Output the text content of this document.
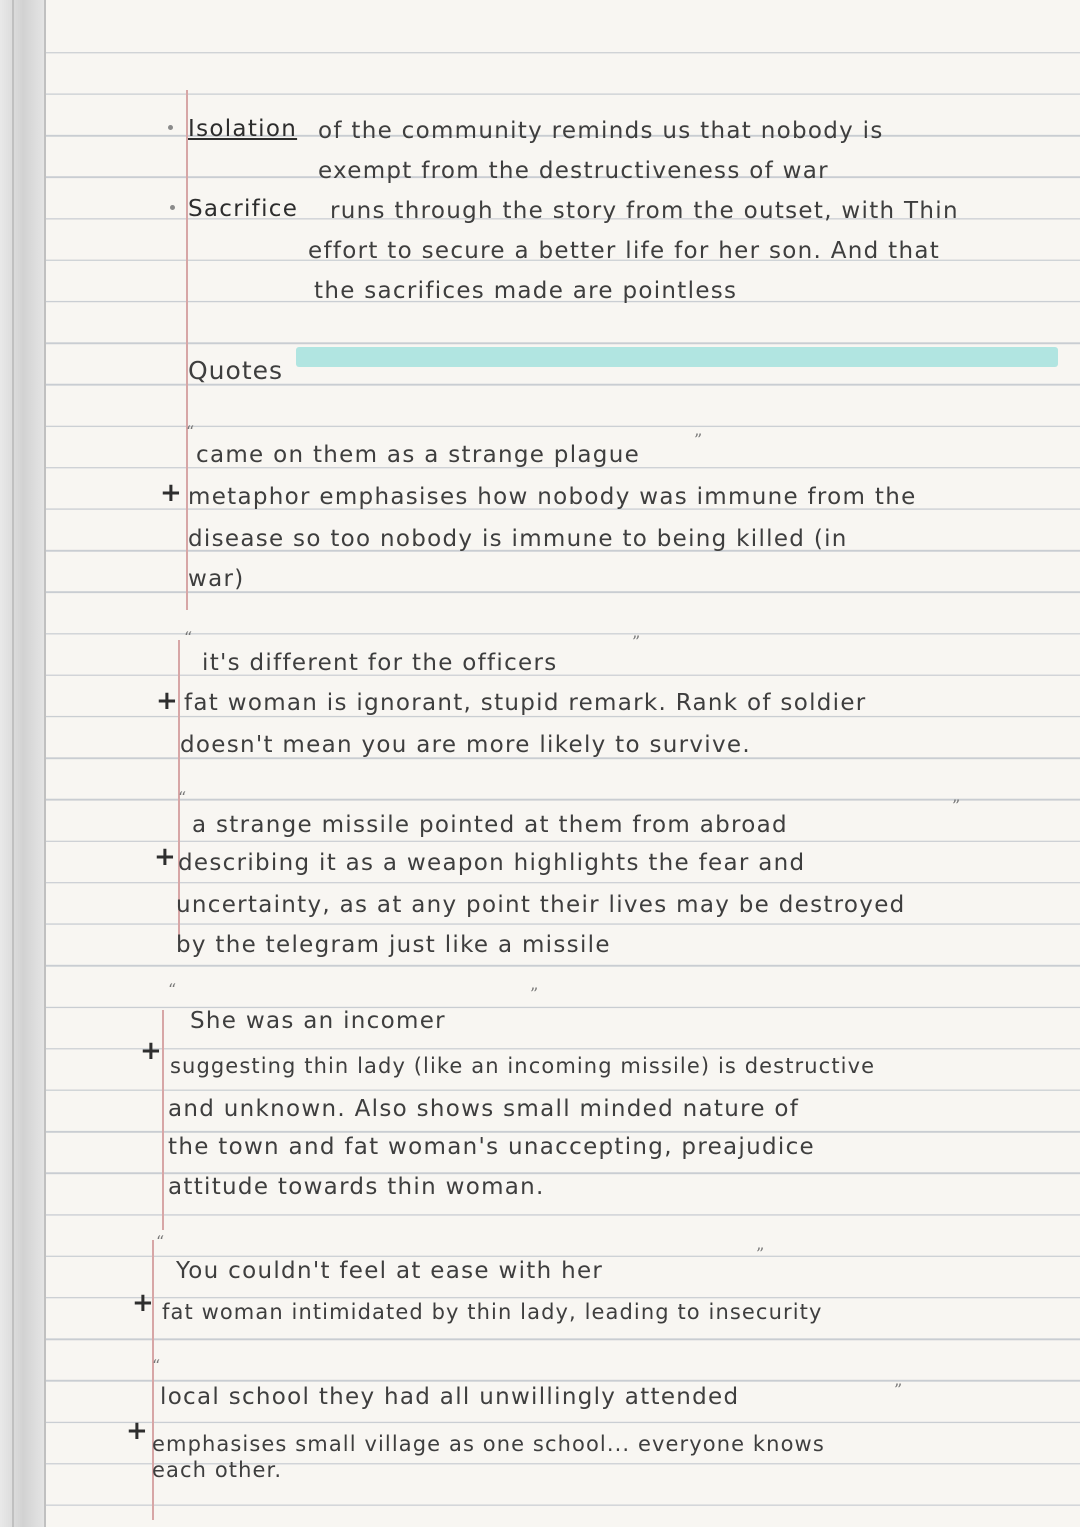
Isolation of the community reminds us that nobody is
exempt from the destructiveness of war
Sacrifice runs through the story from the outset, with Thin
effort to secure a better life for her son. And that
the sacrifices made are pointless
Quotes
“
came on them as a strange plague
”
+ metaphor emphasises how nobody was immune from the
disease so too nobody is immune to being killed (in
war)
“
it's different for the officers
”
+ fat woman is ignorant, stupid remark. Rank of soldier
doesn't mean you are more likely to survive.
“
a strange missile pointed at them from abroad
”
+ describing it as a weapon highlights the fear and
uncertainty, as at any point their lives may be destroyed
by the telegram just like a missile
“
She was an incomer
”
+ suggesting thin lady (like an incoming missile) is destructive
and unknown. Also shows small minded nature of
the town and fat woman's unaccepting, preajudice
attitude towards thin woman.
“
You couldn't feel at ease with her
”
+ fat woman intimidated by thin lady, leading to insecurity
“
local school they had all unwillingly attended	”
+ emphasises small village as one school... everyone knows
each other.
